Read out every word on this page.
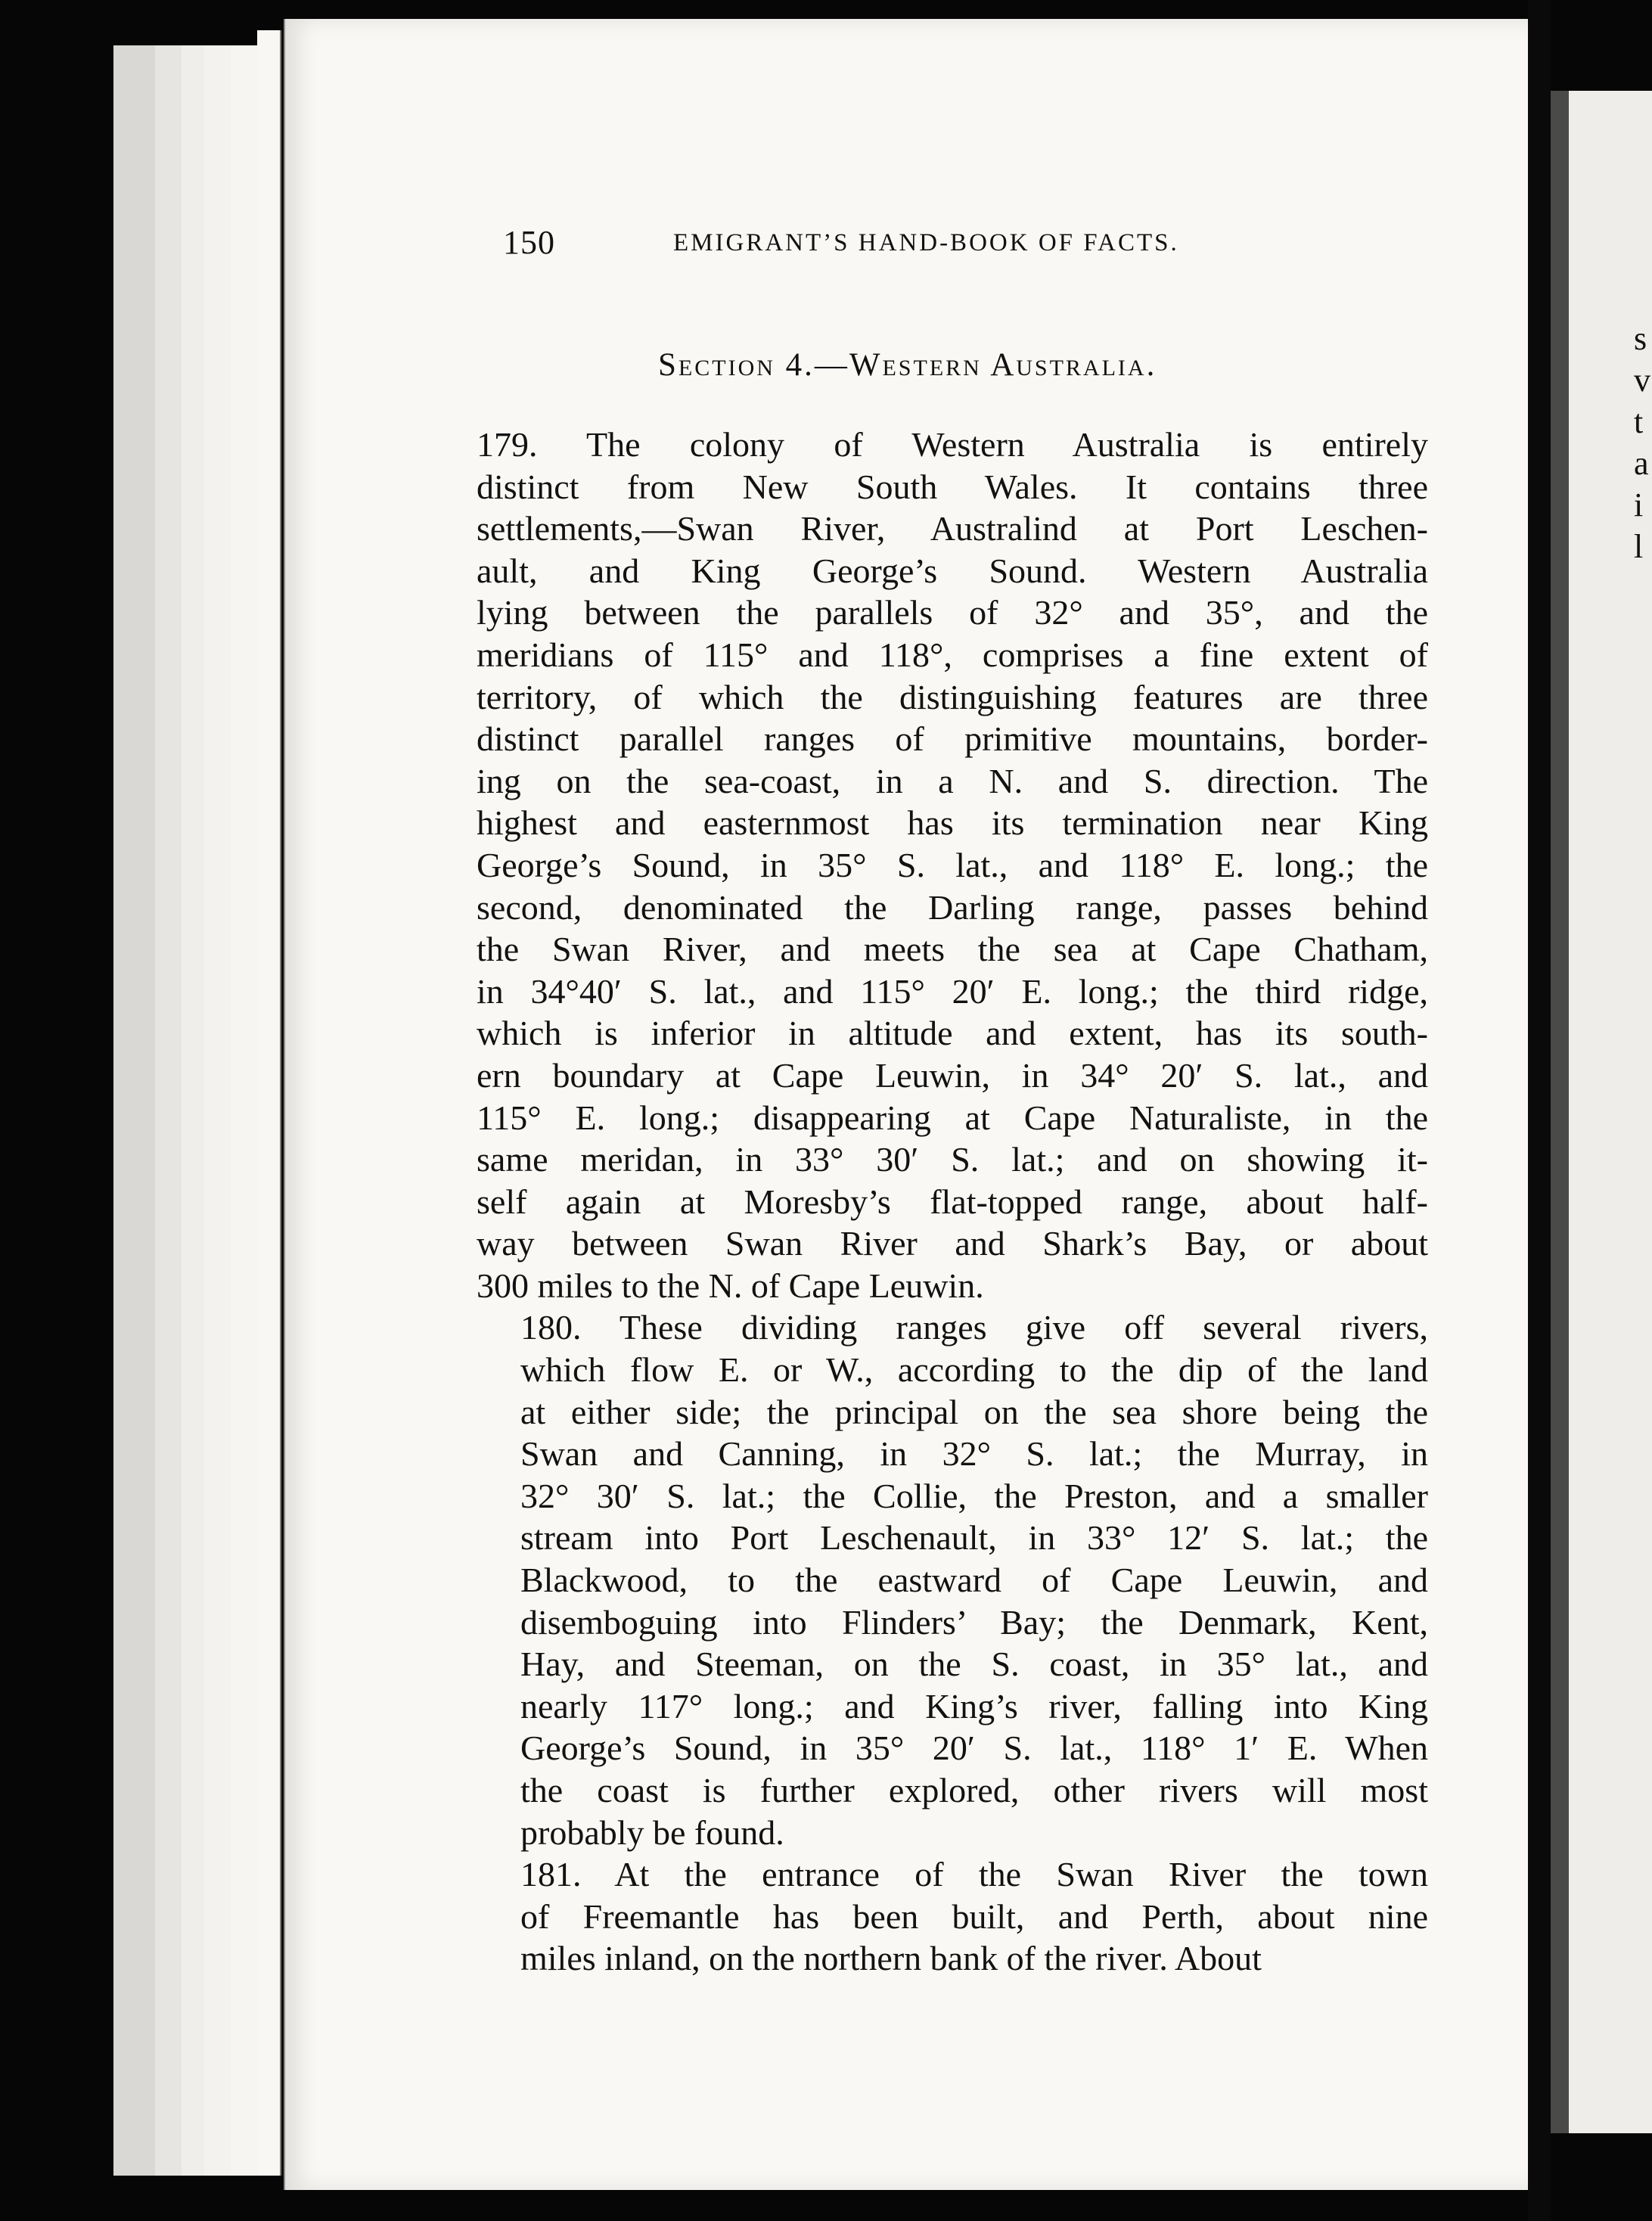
s
v
t
a
i
l
150	EMIGRANT’S HAND-BOOK OF FACTS.
Section 4.—Western Australia.

179. The colony of Western Australia is entirely
distinct from New South Wales. It contains three
settlements,—Swan River, Australind at Port Leschen-
ault, and King George’s Sound. Western Australia
lying between the parallels of 32° and 35°, and the
meridians of 115° and 118°, comprises a fine extent of
territory, of which the distinguishing features are three
distinct parallel ranges of primitive mountains, border-
ing on the sea-coast, in a N. and S. direction. The
highest and easternmost has its termination near King
George’s Sound, in 35° S. lat., and 118° E. long.; the
second, denominated the Darling range, passes behind
the Swan River, and meets the sea at Cape Chatham,
in 34°40′ S. lat., and 115° 20′ E. long.; the third ridge,
which is inferior in altitude and extent, has its south-
ern boundary at Cape Leuwin, in 34° 20′ S. lat., and
115° E. long.; disappearing at Cape Naturaliste, in the
same meridan, in 33° 30′ S. lat.; and on showing it-
self again at Moresby’s flat-topped range, about half-
way between Swan River and Shark’s Bay, or about
300 miles to the N. of Cape Leuwin.

180. These dividing ranges give off several rivers,
which flow E. or W., according to the dip of the land
at either side; the principal on the sea shore being the
Swan and Canning, in 32° S. lat.; the Murray, in
32° 30′ S. lat.; the Collie, the Preston, and a smaller
stream into Port Leschenault, in 33° 12′ S. lat.; the
Blackwood, to the eastward of Cape Leuwin, and
disemboguing into Flinders’ Bay; the Denmark, Kent,
Hay, and Steeman, on the S. coast, in 35° lat., and
nearly 117° long.; and King’s river, falling into King
George’s Sound, in 35° 20′ S. lat., 118° 1′ E. When
the coast is further explored, other rivers will most
probably be found.

181. At the entrance of the Swan River the town
of Freemantle has been built, and Perth, about nine
miles inland, on the northern bank of the river. About
